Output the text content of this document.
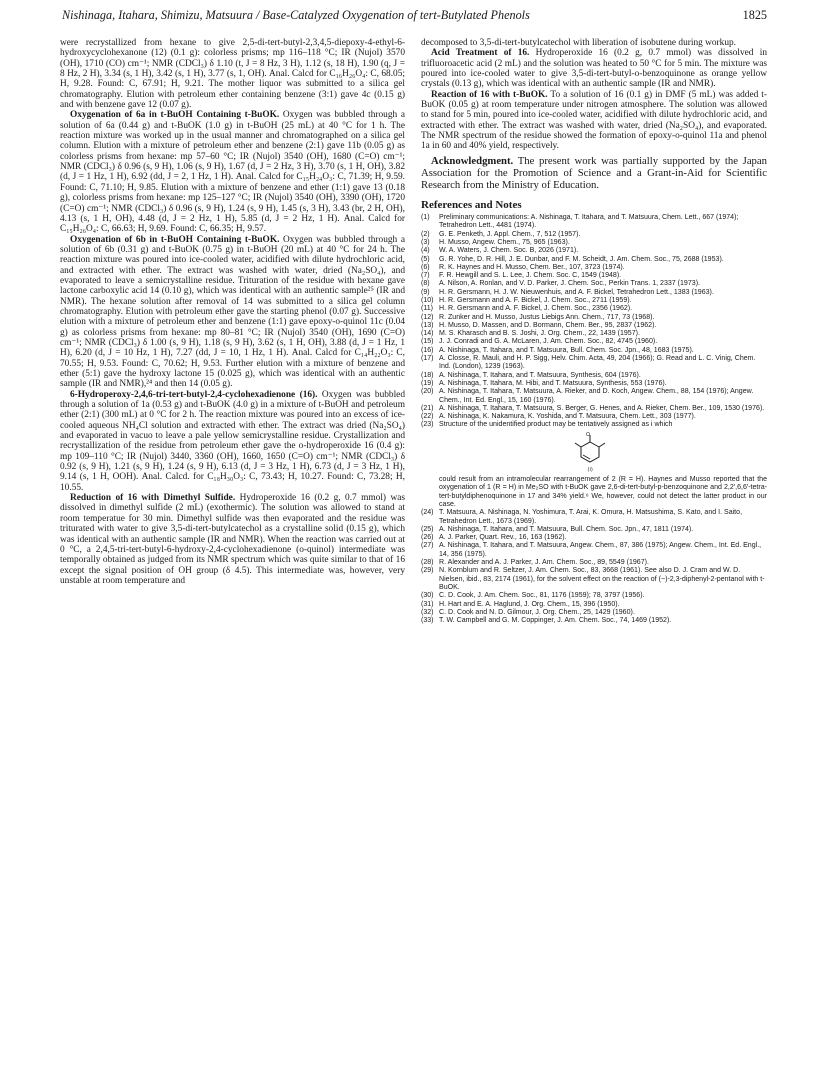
Nishinaga, Itahara, Shimizu, Matsuura / Base-Catalyzed Oxygenation of tert-Butylated Phenols	1825

were recrystallized from hexane to give 2,5-di-tert-butyl-2,3,4,5-diepoxy-4-ethyl-6-hydroxycyclohexanone (12) (0.1 g): colorless prisms; mp 116–118 °C; IR (Nujol) 3570 (OH), 1710 (CO) cm⁻¹; NMR (CDCl₃) δ 1.10 (t, J = 8 Hz, 3 H), 1.12 (s, 18 H), 1.90 (q, J = 8 Hz, 2 H), 3.34 (s, 1 H), 3.42 (s, 1 H), 3.77 (s, 1, OH). Anal. Calcd for C₁₆H₂₆O₄: C, 68.05; H, 9.28. Found: C, 67.91; H, 9.21. The mother liquor was submitted to a silica gel chromatography. Elution with petroleum ether containing benzene (3:1) gave 4c (0.15 g) and with benzene gave 12 (0.07 g).

Oxygenation of 6a in t-BuOH Containing t-BuOK. Oxygen was bubbled through a solution of 6a (0.44 g) and t-BuOK (1.0 g) in t-BuOH (25 mL) at 40 °C for 1 h. The reaction mixture was worked up in the usual manner and chromatographed on a silica gel column. Elution with a mixture of petroleum ether and benzene (2:1) gave 11b (0.05 g) as colorless prisms from hexane: mp 57–60 °C; IR (Nujol) 3540 (OH), 1680 (C=O) cm⁻¹; NMR (CDCl₃) δ 0.96 (s, 9 H), 1.06 (s, 9 H), 1.67 (d, J = 2 Hz, 3 H), 3.70 (s, 1 H, OH), 3.82 (d, J = 1 Hz, 1 H), 6.92 (dd, J = 2, 1 Hz, 1 H). Anal. Calcd for C₁₅H₂₄O₃: C, 71.39; H, 9.59. Found: C, 71.10; H, 9.85. Elution with a mixture of benzene and ether (1:1) gave 13 (0.18 g), colorless prisms from hexane: mp 125–127 °C; IR (Nujol) 3540 (OH), 3390 (OH), 1720 (C=O) cm⁻¹; NMR (CDCl₃) δ 0.96 (s, 9 H), 1.24 (s, 9 H), 1.45 (s, 3 H), 3.43 (br, 2 H, OH), 4.13 (s, 1 H, OH), 4.48 (d, J = 2 Hz, 1 H), 5.85 (d, J = 2 Hz, 1 H). Anal. Calcd for C₁₅H₂₆O₄: C, 66.63; H, 9.69. Found: C, 66.35; H, 9.57.

Oxygenation of 6b in t-BuOH Containing t-BuOK. Oxygen was bubbled through a solution of 6b (0.31 g) and t-BuOK (0.75 g) in t-BuOH (20 mL) at 40 °C for 24 h. The reaction mixture was poured into ice-cooled water, acidified with dilute hydrochloric acid, and extracted with ether. The extract was washed with water, dried (Na₂SO₄), and evaporated to leave a semicrystalline residue. Trituration of the residue with hexane gave lactone carboxylic acid 14 (0.10 g), which was identical with an authentic sample²⁵ (IR and NMR). The hexane solution after removal of 14 was submitted to a silica gel column chromatography. Elution with petroleum ether gave the starting phenol (0.07 g). Successive elution with a mixture of petroleum ether and benzene (1:1) gave epoxy-o-quinol 11c (0.04 g) as colorless prisms from hexane: mp 80–81 °C; IR (Nujol) 3540 (OH), 1690 (C=O) cm⁻¹; NMR (CDCl₃) δ 1.00 (s, 9 H), 1.18 (s, 9 H), 3.62 (s, 1 H, OH), 3.88 (d, J = 1 Hz, 1 H), 6.20 (d, J = 10 Hz, 1 H), 7.27 (dd, J = 10, 1 Hz, 1 H). Anal. Calcd for C₁₄H₂₂O₃: C, 70.55; H, 9.53. Found: C, 70.62; H, 9.53. Further elution with a mixture of benzene and ether (5:1) gave the hydroxy lactone 15 (0.025 g), which was identical with an authentic sample (IR and NMR),²⁴ and then 14 (0.05 g).

6-Hydroperoxy-2,4,6-tri-tert-butyl-2,4-cyclohexadienone (16). Oxygen was bubbled through a solution of 1a (0.53 g) and t-BuOK (4.0 g) in a mixture of t-BuOH and petroleum ether (2:1) (300 mL) at 0 °C for 2 h. The reaction mixture was poured into an excess of ice-cooled aqueous NH₄Cl solution and extracted with ether. The extract was dried (Na₂SO₄) and evaporated in vacuo to leave a pale yellow semicrystalline residue. Crystallization and recrystallization of the residue from petroleum ether gave the o-hydroperoxide 16 (0.4 g): mp 109–110 °C; IR (Nujol) 3440, 3360 (OH), 1660, 1650 (C=O) cm⁻¹; NMR (CDCl₃) δ 0.92 (s, 9 H), 1.21 (s, 9 H), 1.24 (s, 9 H), 6.13 (d, J = 3 Hz, 1 H), 6.73 (d, J = 3 Hz, 1 H), 9.14 (s, 1 H, OOH). Anal. Calcd. for C₁₈H₃₀O₃: C, 73.43; H, 10.27. Found: C, 73.28; H, 10.55.

Reduction of 16 with Dimethyl Sulfide. Hydroperoxide 16 (0.2 g, 0.7 mmol) was dissolved in dimethyl sulfide (2 mL) (exothermic). The solution was allowed to stand at room temperatue for 30 min. Dimethyl sulfide was then evaporated and the residue was triturated with water to give 3,5-di-tert-butylcatechol as a crystalline solid (0.15 g), which was identical with an authentic sample (IR and NMR). When the reaction was carried out at 0 °C, a 2,4,5-tri-tert-butyl-6-hydroxy-2,4-cyclohexadienone (o-quinol) intermediate was temporally obtained as judged from its NMR spectrum which was quite similar to that of 16 except the signal position of OH group (δ 4.5). This intermediate was, however, very unstable at room temperature and

decomposed to 3,5-di-tert-butylcatechol with liberation of isobutene during workup.

Acid Treatment of 16. Hydroperoxide 16 (0.2 g, 0.7 mmol) was dissolved in trifluoroacetic acid (2 mL) and the solution was heated to 50 °C for 5 min. The mixture was poured into ice-cooled water to give 3,5-di-tert-butyl-o-benzoquinone as orange yellow crystals (0.13 g), which was identical with an authentic sample (IR and NMR).

Reaction of 16 with t-BuOK. To a solution of 16 (0.1 g) in DMF (5 mL) was added t-BuOK (0.05 g) at room temperature under nitrogen atmosphere. The solution was allowed to stand for 5 min, poured into ice-cooled water, acidified with dilute hydrochloric acid, and extracted with ether. The extract was washed with water, dried (Na₂SO₄), and evaporated. The NMR spectrum of the residue showed the formation of epoxy-o-quinol 11a and phenol 1a in 60 and 40% yield, respectively.

Acknowledgment. The present work was partially supported by the Japan Association for the Promotion of Science and a Grant-in-Aid for Scientific Research from the Ministry of Education.

References and Notes
(1)	Preliminary communications: A. Nishinaga, T. Itahara, and T. Matsuura, Chem. Lett., 667 (1974); Tetrahedron Lett., 4481 (1974).
(2)	G. E. Penketh, J. Appl. Chem., 7, 512 (1957).
(3)	H. Musso, Angew. Chem., 75, 965 (1963).
(4)	W. A. Waters, J. Chem. Soc. B, 2026 (1971).
(5)	G. R. Yohe, D. R. Hill, J. E. Dunbar, and F. M. Scheidt, J. Am. Chem. Soc., 75, 2688 (1953).
(6)	R. K. Haynes and H. Musso, Chem. Ber., 107, 3723 (1974).
(7)	F. R. Hewgill and S. L. Lee, J. Chem. Soc. C, 1549 (1948).
(8)	A. Nilson, A. Ronlan, and V. D. Parker, J. Chem. Soc., Perkin Trans. 1, 2337 (1973).
(9)	H. R. Gersmann, H. J. W. Nieuwenhuis, and A. F. Bickel, Tetrahedron Lett., 1383 (1963).
(10) H. R. Gersmann and A. F. Bickel, J. Chem. Soc., 2711 (1959).
(11) H. R. Gersmann and A. F. Bickel, J. Chem. Soc., 2356 (1962).
(12) R. Zunker and H. Musso, Justus Liebigs Ann. Chem., 717, 73 (1968).
(13) H. Musso, D. Massen, and D. Bormann, Chem. Ber., 95, 2837 (1962).
(14) M. S. Kharasch and B. S. Joshi, J. Org. Chem., 22, 1439 (1957).
(15) J. J. Conradi and G. A. McLaren, J. Am. Chem. Soc., 82, 4745 (1960).
(16) A. Nishinaga, T. Itahara, and T. Matsuura, Bull. Chem. Soc. Jpn., 48, 1683 (1975).
(17) A. Closse, R. Mauli, and H. P. Sigg, Helv. Chim. Acta, 49, 204 (1966); G. Read and L. C. Vinig, Chem. Ind. (London), 1239 (1963).
(18) A. Nishinaga, T. Itahara, and T. Matsuura, Synthesis, 604 (1976).
(19) A. Nishinaga, T. Itahara, M. Hibi, and T. Matsuura, Synthesis, 553 (1976).
(20) A. Nishinaga, T. Itahara, T. Matsuura, A. Rieker, and D. Koch, Angew. Chem., 88, 154 (1976); Angew. Chem., Int. Ed. Engl., 15, 160 (1976).
(21) A. Nishinaga, T. Itahara, T. Matsuura, S. Berger, G. Henes, and A. Rieker, Chem. Ber., 109, 1530 (1976).
(22) A. Nishinaga, K. Nakamura, K. Yoshida, and T. Matsuura, Chem. Lett., 303 (1977).
(23) Structure of the unidentified product may be tentatively assigned as i which
O
(i)
could result from an intramolecular rearrangement of 2 (R = H). Haynes and Musso reported that the oxygenation of 1 (R = H) in Me₂SO with t-BuOK gave 2,6-di-tert-butyl-p-benzoquinone and 2,2′,6,6′-tetra-tert-butyldiphenoquinone in 17 and 34% yield.⁶ We, however, could not detect the latter product in our case.
(24) T. Matsuura, A. Nishinaga, N. Yoshimura, T. Arai, K. Omura, H. Matsushima, S. Kato, and I. Saito, Tetrahedron Lett., 1673 (1969).
(25) A. Nishinaga, T. Itahara, and T. Matsuura, Bull. Chem. Soc. Jpn., 47, 1811 (1974).
(26) A. J. Parker, Quart. Rev., 16, 163 (1962).
(27) A. Nishinaga, T. Itahara, and T. Matsuura, Angew. Chem., 87, 386 (1975); Angew. Chem., Int. Ed. Engl., 14, 356 (1975).
(28) R. Alexander and A. J. Parker, J. Am. Chem. Soc., 89, 5549 (1967).
(29) N. Kornblum and R. Seltzer, J. Am. Chem. Soc., 83, 3668 (1961). See also D. J. Cram and W. D. Nielsen, ibid., 83, 2174 (1961), for the solvent effect on the reaction of (−)-2,3-diphenyl-2-pentanol with t-BuOK.
(30) C. D. Cook, J. Am. Chem. Soc., 81, 1176 (1959); 78, 3797 (1956).
(31) H. Hart and E. A. Haglund, J. Org. Chem., 15, 396 (1950).
(32) C. D. Cook and N. D. Gilmour, J. Org. Chem., 25, 1429 (1960).
(33) T. W. Campbell and G. M. Coppinger, J. Am. Chem. Soc., 74, 1469 (1952).
